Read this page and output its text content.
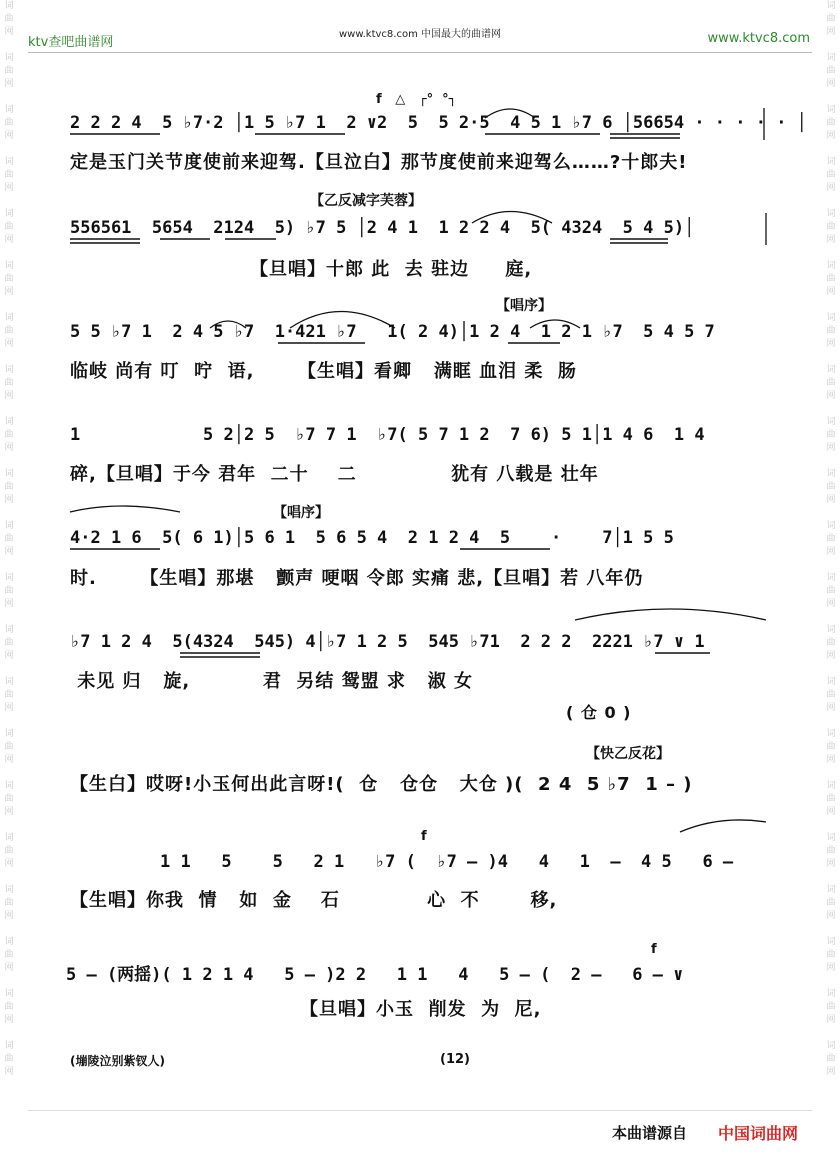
词
曲
网

词
曲
网

词
曲
网

词
曲
网

词
曲
网

词
曲
网

词
曲
网

词
曲
网

词
曲
网

词
曲
网

词
曲
网

词
曲
网

词
曲
网

词
曲
网

词
曲
网

词
曲
网

词
曲
网

词
曲
网

词
曲
网

词
曲
网

词
曲
网
词
曲
网

词
曲
网

词
曲
网

词
曲
网

词
曲
网

词
曲
网

词
曲
网

词
曲
网

词
曲
网

词
曲
网

词
曲
网

词
曲
网

词
曲
网

词
曲
网

词
曲
网

词
曲
网

词
曲
网

词
曲
网

词
曲
网

词
曲
网

词
曲
网
ktv查吧曲谱网
www.ktvc8.com 中国最大的曲谱网	www.ktvc8.com
f   △   ┌°  °┐
2 2 2 4  5 ♭7·2 │1 5 ♭7 1  2 ∨2  5  5 2·5  4 5 1 ♭7 6 │56654 · · · · · │
定是玉门关节度使前来迎驾.【旦泣白】那节度使前来迎驾么……?十郎夫!
【乙反减字芙蓉】
556561  5654  2124  5) ♭7 5 │2 4 1  1 2 2 4  5( 4324  5 4 5)│
【旦唱】十郎 此  去 驻边     庭,
【唱序】
5 5 ♭7 1  2 4 5 ♭7  1·421 ♭7   1( 2 4)│1 2 4  1 2 1 ♭7  5 4 5 7
临岐 尚有 叮  咛  语,      【生唱】看卿   满眶 血泪 柔  肠
1            5 2│2 5  ♭7 7 1  ♭7( 5 7 1 2  7 6) 5 1│1 4 6  1 4
碎,【旦唱】于今 君年  二十    二             犹有 八载是 壮年
【唱序】
4·2 1 6  5( 6 1)│5 6 1  5 6 5 4  2 1 2 4  5    ·    7│1 5 5
时.      【生唱】那堪   颤声 哽咽 令郎 实痛 悲,【旦唱】若 八年仍
♭7 1 2 4  5(4324  545) 4│♭7 1 2 5  545 ♭71  2 2 2  2221 ♭7 ∨ 1
未见 归   旋,          君  另结 鸳盟 求   淑 女
( 仓 0 )
【快乙反花】
【生白】哎呀!小玉何出此言呀!(  仓   仓仓   大仓 )(  2 4  5 ♭7  1 – )
f
1 1   5    5   2 1   ♭7 (  ♭7 – )4   4   1  –  4 5   6 –
【生唱】你我  情   如  金    石            心  不       移,
f
5 – (两揺)( 1 2 1 4   5 – )2 2   1 1   4   5 – (  2 –   6 – ∨
【旦唱】小玉  削发  为  尼,
(塴陵泣别紫钗人)	(12)
本曲谱源自 中国词曲网
